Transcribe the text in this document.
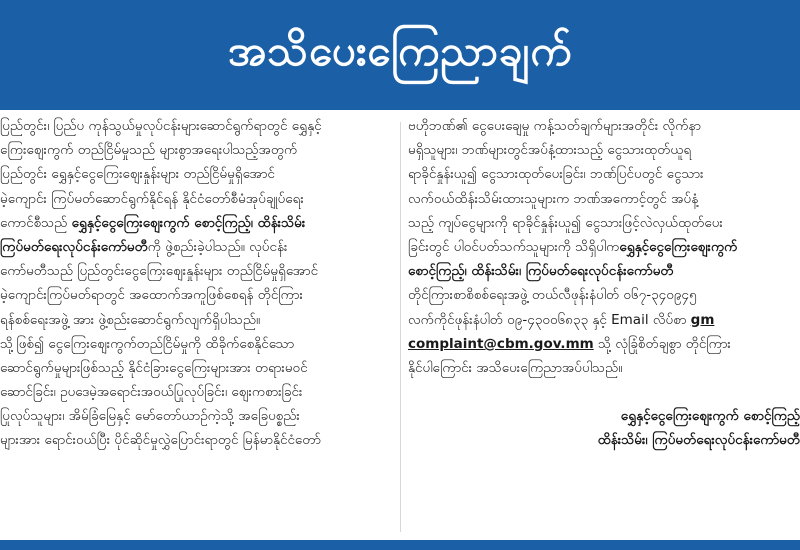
အသိပေးကြေညာချက်
ပြည်တွင်း၊ ပြည်ပ ကုန်သွယ်မှုလုပ်ငန်းများဆောင်ရွက်ရာတွင် ရွှေနှင့်
ကြေးစျေးကွက် တည်ငြိမ်မှုသည် များစွာအရေးပါသည့်အတွက်
ပြည်တွင်း ရွှေနှင့်ငွေကြေးစျေးနှုန်းများ တည်ငြိမ်မှုရှိအောင်
မဲ့ကျောင်း ကြပ်မတ်ဆောင်ရွက်နိုင်ရန် နိုင်ငံတော်စီမံအုပ်ချုပ်ရေး
ကောင်စီသည် ရွှေနှင့်ငွေကြေးစျေးကွက် စောင့်ကြည့်၊ ထိန်းသိမ်း
ကြပ်မတ်ရေးလုပ်ငန်းကော်မတီကို ဖွဲ့စည်းခဲ့ပါသည်။ လုပ်ငန်း
ကော်မတီသည် ပြည်တွင်းငွေကြေးစျေးနှုန်းများ တည်ငြိမ်မှုရှိအောင်
မဲ့ကျောင်းကြပ်မတ်ရာတွင် အထောက်အကူဖြစ်စေရန် တိုင်ကြား
ရန်စစ်ရေးအဖွဲ့ အား ဖွဲ့စည်းဆောင်ရွက်လျက်ရှိပါသည်။
သို့ဖြစ်၍ ငွေကြေးစျေးကွက်တည်ငြိမ်မှုကို ထိခိုက်စေနိုင်သော
ဆောင်ရွက်မှုများဖြစ်သည့် နိုင်ငံခြားငွေကြေးများအား တရားမဝင်
ဆောင်ခြင်း၊ ဥပဒေမဲ့အရောင်းအဝယ်ပြုလုပ်ခြင်း၊ စျေးကစားခြင်း
ပြုလုပ်သူများ၊ အိမ်ခြံမြေနှင့် မော်တော်ယာဉ်ကဲ့သို့ အခြေပစ္စည်း
များအား ရောင်းဝယ်ပြီး ပိုင်ဆိုင်မှုလွှဲပြောင်းရာတွင် မြန်မာနိုင်ငံတော်
ဗဟိုဘဏ်၏ ငွေပေးချေမှု ကန့်သတ်ချက်များအတိုင်း လိုက်နာ
မရှိသူများ၊ ဘဏ်များတွင်အပ်နံ့ထားသည့် ငွေသားထုတ်ယူရ
ရာခိုင်နှုန်းယူ၍ ငွေသားထုတ်ပေးခြင်း၊ ဘဏ်ပြင်ပတွင် ငွေသား
လက်ဝယ်ထိန်းသိမ်းထားသူများက ဘဏ်အကောင့်တွင် အပ်နံ့
သည့် ကျပ်ငွေများကို ရာခိုင်နှုန်းယူ၍ ငွေသားဖြင့်လဲလှယ်ထုတ်ပေး
ခြင်းတွင် ပါဝင်ပတ်သက်သူများကို သိရှိပါကရွှေနှင့်ငွေကြေးစျေးကွက်
စောင့်ကြည့်၊ ထိန်းသိမ်း၊ ကြပ်မတ်ရေးလုပ်ငန်းကော်မတီ
တိုင်ကြားစာစိစစ်ရေးအဖွဲ့ တယ်လီဖုန်းနံပါတ် ၀၆၇-၃၄၀၉၄၅
လက်ကိုင်ဖုန်းနံပါတ် ၀၉-၄၃၀၀၆၈၃၃ နှင့် Email လိပ်စာ gm
complaint@cbm.gov.mm သို့ လုံခြုံစိတ်ချစွာ တိုင်ကြား
နိုင်ပါကြောင်း အသိပေးကြေညာအပ်ပါသည်။
ရွှေနှင့်ငွေကြေးစျေးကွက် စောင့်ကြည့်
ထိန်းသိမ်း၊ ကြပ်မတ်ရေးလုပ်ငန်းကော်မတီ
